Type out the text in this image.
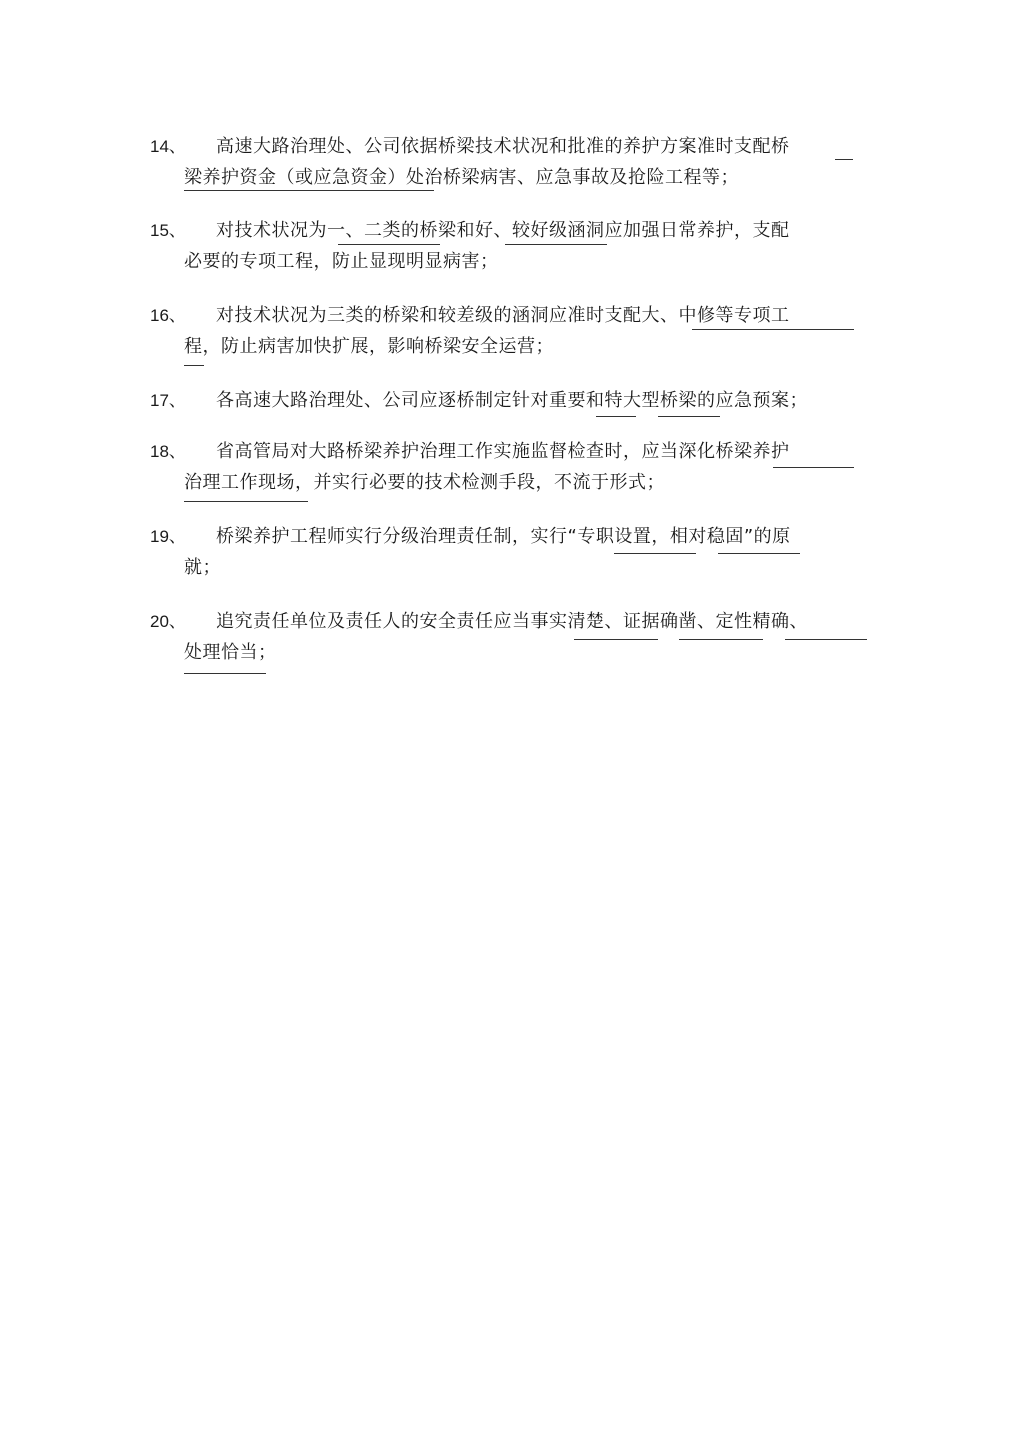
14、 高速大路治理处、公司依据桥梁技术状况和批准的养护方案准时支配桥
梁养护资金（或应急资金）处治桥梁病害、应急事故及抢险工程等；
15、 对技术状况为一、二类的桥梁和好、较好级涵洞应加强日常养护，支配
必要的专项工程，防止显现明显病害；
16、 对技术状况为三类的桥梁和较差级的涵洞应准时支配大、中修等专项工
程，防止病害加快扩展，影响桥梁安全运营；
17、 各高速大路治理处、公司应逐桥制定针对重要和特大型桥梁的应急预案；
18、 省高管局对大路桥梁养护治理工作实施监督检查时，应当深化桥梁养护
治理工作现场，并实行必要的技术检测手段，不流于形式；
19、 桥梁养护工程师实行分级治理责任制，实行“专职设置，相对稳固”的原
就；
20、 追究责任单位及责任人的安全责任应当事实清楚、证据确凿、定性精确、
处理恰当；
